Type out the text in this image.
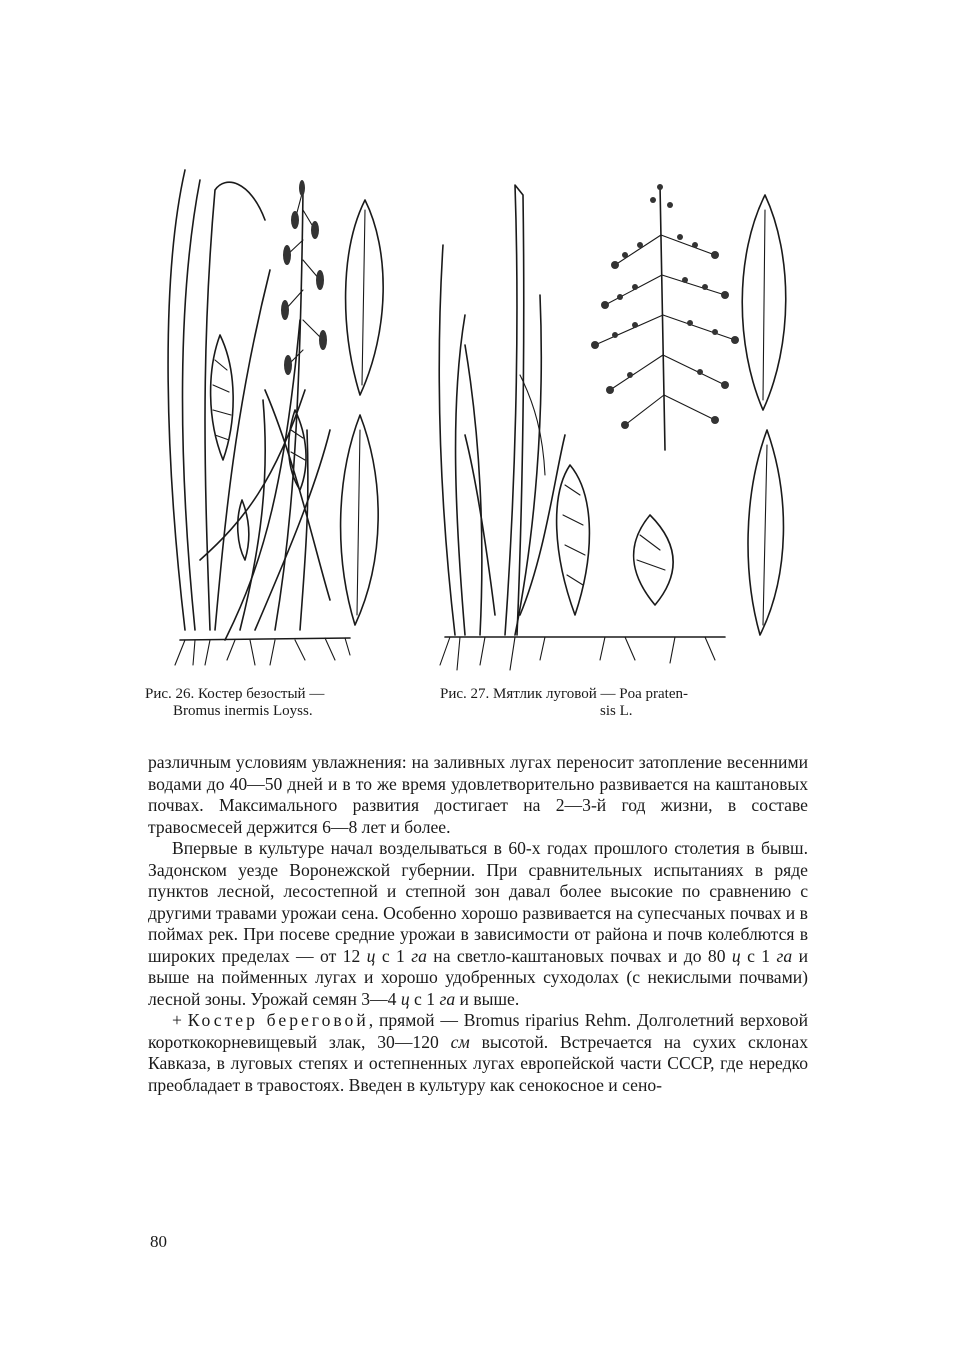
Рис. 26. Костер безостый —
Bromus inermis Loyss.
Рис. 27. Мятлик луговой — Poa praten-
sis L.

различным условиям увлажнения: на заливных лугах переносит затопление весенними водами до 40—50 дней и в то же время удовлетворительно развивается на каштановых почвах. Максимального развития достигает на 2—3-й год жизни, в составе травосмесей держится 6—8 лет и более.

Впервые в культуре начал возделываться в 60-х годах прошлого столетия в бывш. Задонском уезде Воронежской губернии. При сравнительных испытаниях в ряде пунктов лесной, лесостепной и степной зон давал более высокие по сравнению с другими травами урожаи сена. Особенно хорошо развивается на супесчаных почвах и в поймах рек. При посеве средние урожаи в зависимости от района и почв колеблются в широких пределах — от 12 ц с 1 га на светло-каштановых почвах и до 80 ц с 1 га и выше на пойменных лугах и хорошо удобренных суходолах (с некислыми почвами) лесной зоны. Урожай семян 3—4 ц с 1 га и выше.

+ Костер береговой, прямой — Bromus riparius Rehm. Долголетний верховой короткокорневищевый злак, 30—120 см высотой. Встречается на сухих склонах Кавказа, в луговых степях и остепненных лугах европейской части СССР, где нередко преобладает в травостоях. Введен в культуру как сенокосное и сено-

80
